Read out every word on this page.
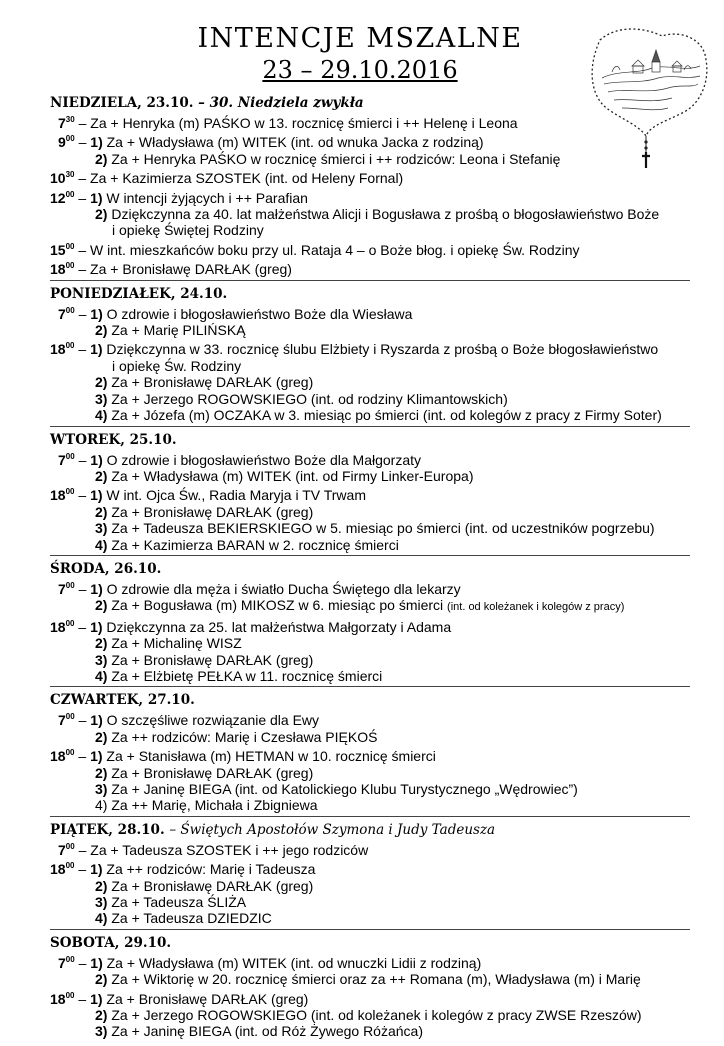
INTENCJE MSZALNE
23 – 29.10.2016
NIEDZIELA, 23.10. – 30. Niedziela zwykła
$7^{30}$ – Za + Henryka (m) PAŚKO w 13. rocznicę śmierci i ++ Helenę i Leona
$9^{00} - 1$) Za + Władysława (m) WITEK (int. od wnuka Jacka z rodziną)
2) Za + Henryka PAŚKO w rocznicę śmierci i ++ rodziców: Leona i Stefanię
$10^{30}$ – Za + Kazimierza SZOSTEK (int. od Heleny Fornal)
$12^{00} - 1$) W intencji żyjących i ++ Parafian
2) Dziękczynna za 40. lat małżeństwa Alicji i Bogusława z prośbą o błogosławieństwo Boże
i opiekę Świętej Rodziny
$15^{00}$ – W int. mieszkańców boku przy ul. Rataja 4 – o Boże błog. i opiekę Św. Rodziny
$18^{00}$ – Za + Bronisławę DARŁAK (greg)
PONIEDZIAŁEK, 24.10.
$7^{00} - 1$) O zdrowie i błogosławieństwo Boże dla Wiesława
2) Za + Marię PILIŃSKĄ
$18^{00} - 1$) Dziękczynna w 33. rocznicę ślubu Elżbiety i Ryszarda z prośbą o Boże błogosławieństwo
i opiekę Św. Rodziny
2) Za + Bronisławę DARŁAK (greg)
3) Za + Jerzego ROGOWSKIEGO (int. od rodziny Klimantowskich)
4) Za + Józefa (m) OCZAKA w 3. miesiąc po śmierci (int. od kolegów z pracy z Firmy Soter)
WTOREK, 25.10.
$7^{00} - 1$) O zdrowie i błogosławieństwo Boże dla Małgorzaty
2) Za + Władysława (m) WITEK (int. od Firmy Linker-Europa)
$18^{00} - 1$) W int. Ojca Św., Radia Maryja i TV Trwam
2) Za + Bronisławę DARŁAK (greg)
3) Za + Tadeusza BEKIERSKIEGO w 5. miesiąc po śmierci (int. od uczestników pogrzebu)
4) Za + Kazimierza BARAN w 2. rocznicę śmierci
ŚRODA, 26.10.
$7^{00} - 1$) O zdrowie dla męża i światło Ducha Świętego dla lekarzy
2) Za + Bogusława (m) MIKOSZ w 6. miesiąc po śmierci (int. od koleżanek i kolegów z pracy)
$18^{00} - 1$) Dziękczynna za 25. lat małżeństwa Małgorzaty i Adama
2) Za + Michalinę WISZ
3) Za + Bronisławę DARŁAK (greg)
4) Za + Elżbietę PEŁKA w 11. rocznicę śmierci
CZWARTEK, 27.10.
$7^{00} - 1$) O szczęśliwe rozwiązanie dla Ewy
2) Za ++ rodziców: Marię i Czesława PIĘKOŚ
$18^{00} - 1$) Za + Stanisława (m) HETMAN w 10. rocznicę śmierci
2) Za + Bronisławę DARŁAK (greg)
3) Za + Janinę BIEGA (int. od Katolickiego Klubu Turystycznego „Wędrowiec”)
4) Za ++ Marię, Michała i Zbigniewa
PIĄTEK, 28.10. – Świętych Apostołów Szymona i Judy Tadeusza
$7^{00}$ – Za + Tadeusza SZOSTEK i ++ jego rodziców
$18^{00} - 1$) Za ++ rodziców: Marię i Tadeusza
2) Za + Bronisławę DARŁAK (greg)
3) Za + Tadeusza ŚLIŻA
4) Za + Tadeusza DZIEDZIC
SOBOTA, 29.10.
$7^{00} - 1$) Za + Władysława (m) WITEK (int. od wnuczki Lidii z rodziną)
2) Za + Wiktorię w 20. rocznicę śmierci oraz za ++ Romana (m), Władysława (m) i Marię
$18^{00} - 1$) Za + Bronisławę DARŁAK (greg)
2) Za + Jerzego ROGOWSKIEGO (int. od koleżanek i kolegów z pracy ZWSE Rzeszów)
3) Za + Janinę BIEGA (int. od Róż Żywego Różańca)
